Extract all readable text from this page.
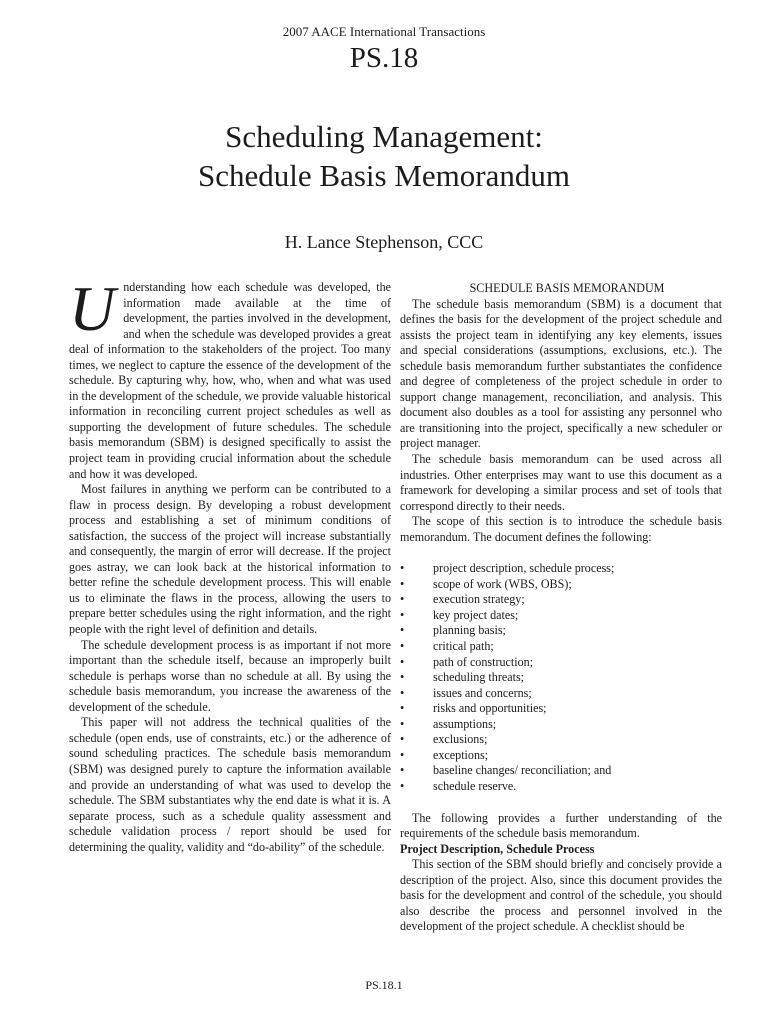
2007 AACE International Transactions
PS.18
Scheduling Management:
Schedule Basis Memorandum
H. Lance Stephenson, CCC

Understanding how each schedule was developed, the information made available at the time of development, the parties involved in the development, and when the schedule was developed provides a great deal of information to the stakeholders of the project. Too many times, we neglect to capture the essence of the development of the schedule. By capturing why, how, who, when and what was used in the development of the schedule, we provide valuable historical information in reconciling current project schedules as well as supporting the development of future schedules. The schedule basis memorandum (SBM) is designed specifically to assist the project team in providing crucial information about the schedule and how it was developed.

Most failures in anything we perform can be contributed to a flaw in process design. By developing a robust development process and establishing a set of minimum conditions of satisfaction, the success of the project will increase substantially and consequently, the margin of error will decrease. If the project goes astray, we can look back at the historical information to better refine the schedule development process. This will enable us to eliminate the flaws in the process, allowing the users to prepare better schedules using the right information, and the right people with the right level of definition and details.

The schedule development process is as important if not more important than the schedule itself, because an improperly built schedule is perhaps worse than no schedule at all. By using the schedule basis memorandum, you increase the awareness of the development of the schedule.

This paper will not address the technical qualities of the schedule (open ends, use of constraints, etc.) or the adherence of sound scheduling practices. The schedule basis memorandum (SBM) was designed purely to capture the information available and provide an understanding of what was used to develop the schedule. The SBM substantiates why the end date is what it is. A separate process, such as a schedule quality assessment and schedule validation process / report should be used for determining the quality, validity and “do-ability” of the schedule.

SCHEDULE BASIS MEMORANDUM

The schedule basis memorandum (SBM) is a document that defines the basis for the development of the project schedule and assists the project team in identifying any key elements, issues and special considerations (assumptions, exclusions, etc.). The schedule basis memorandum further substantiates the confidence and degree of completeness of the project schedule in order to support change management, reconciliation, and analysis. This document also doubles as a tool for assisting any personnel who are transitioning into the project, specifically a new scheduler or project manager.

The schedule basis memorandum can be used across all industries. Other enterprises may want to use this document as a framework for developing a similar process and set of tools that correspond directly to their needs.

The scope of this section is to introduce the schedule basis memorandum. The document defines the following:

• project description, schedule process;
• scope of work (WBS, OBS);
• execution strategy;
• key project dates;
• planning basis;
• critical path;
• path of construction;
• scheduling threats;
• issues and concerns;
• risks and opportunities;
• assumptions;
• exclusions;
• exceptions;
• baseline changes/ reconciliation; and
• schedule reserve.

The following provides a further understanding of the requirements of the schedule basis memorandum.

Project Description, Schedule Process

This section of the SBM should briefly and concisely provide a description of the project. Also, since this document provides the basis for the development and control of the schedule, you should also describe the process and personnel involved in the development of the project schedule. A checklist should be

PS.18.1
